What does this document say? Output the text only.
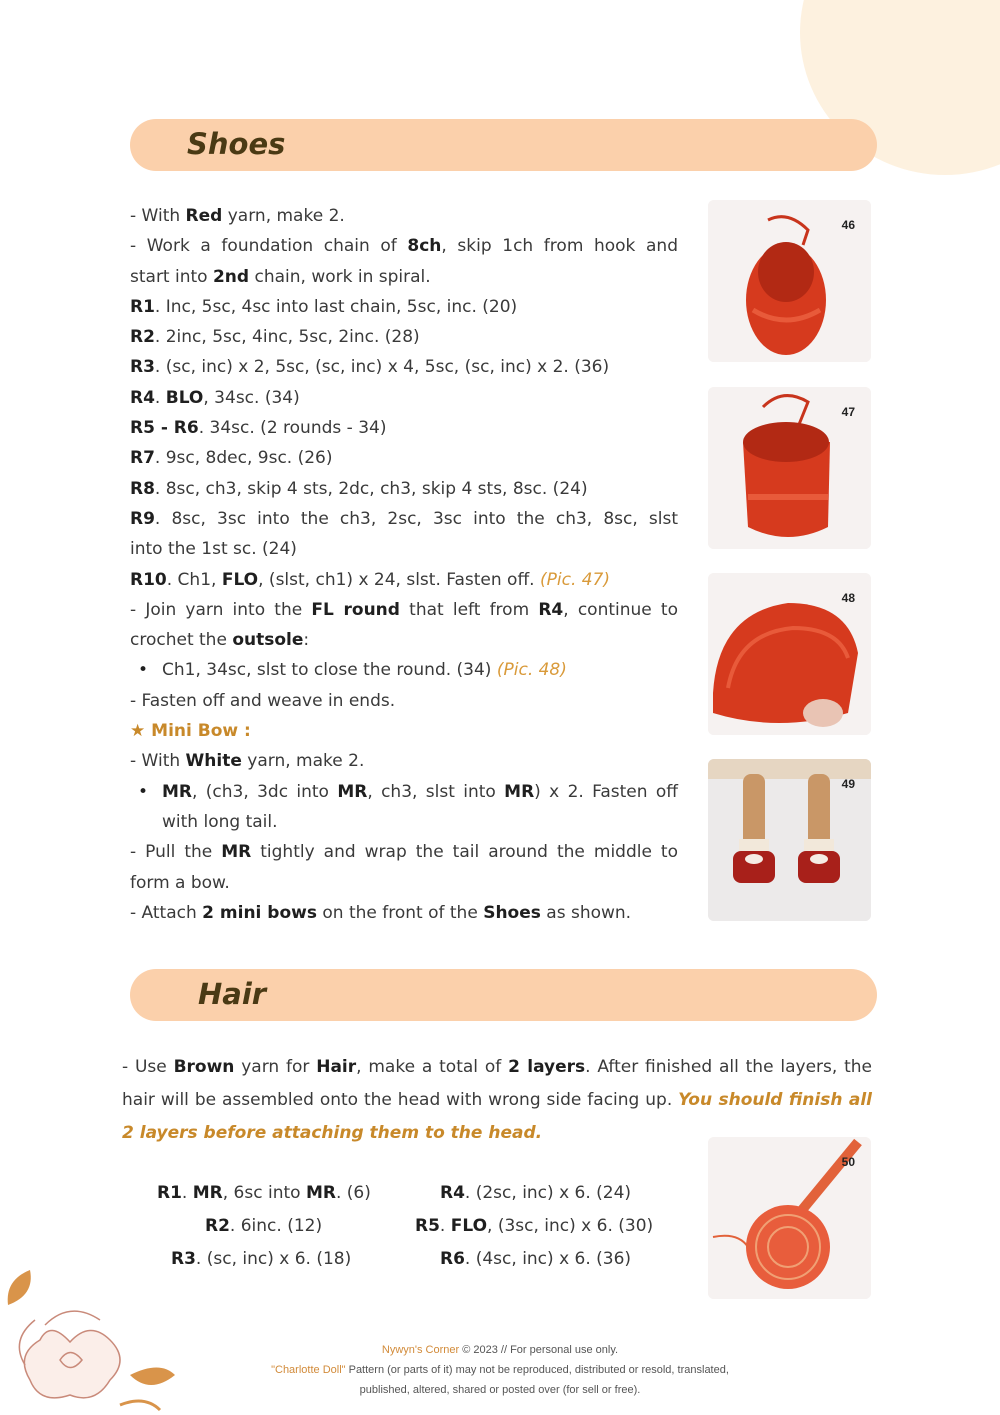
Shoes
- With Red yarn, make 2.
- Work a foundation chain of 8ch, skip 1ch from hook and
start into 2nd chain, work in spiral.
R1. Inc, 5sc, 4sc into last chain, 5sc, inc. (20)
R2. 2inc, 5sc, 4inc, 5sc, 2inc. (28)
R3. (sc, inc) x 2, 5sc, (sc, inc) x 4, 5sc, (sc, inc) x 2. (36)
R4. BLO, 34sc. (34)
R5 - R6. 34sc. (2 rounds - 34)
R7. 9sc, 8dec, 9sc. (26)
R8. 8sc, ch3, skip 4 sts, 2dc, ch3, skip 4 sts, 8sc. (24)
R9. 8sc, 3sc into the ch3, 2sc, 3sc into the ch3, 8sc, slst
into the 1st sc. (24)
R10. Ch1, FLO, (slst, ch1) x 24, slst. Fasten off. (Pic. 47)
- Join yarn into the FL round that left from R4, continue to
crochet the outsole:
• Ch1, 34sc, slst to close the round. (34) (Pic. 48)
- Fasten off and weave in ends.
★ Mini Bow :
- With White yarn, make 2.
• MR, (ch3, 3dc into MR, ch3, slst into MR) x 2. Fasten off
with long tail.
- Pull the MR tightly and wrap the tail around the middle to
form a bow.
- Attach 2 mini bows on the front of the Shoes as shown.
46
47
48
49
Hair
- Use Brown yarn for Hair, make a total of 2 layers. After finished all the layers, the hair will be assembled onto the head with wrong side facing up. You should finish all 2 layers before attaching them to the head.
R1. MR, 6sc into MR. (6)
R2. 6inc. (12)
R3. (sc, inc) x 6. (18)
R4. (2sc, inc) x 6. (24)
R5. FLO, (3sc, inc) x 6. (30)
R6. (4sc, inc) x 6. (36)
50
Nywyn's Corner © 2023 // For personal use only.
"Charlotte Doll" Pattern (or parts of it) may not be reproduced, distributed or resold, translated,
published, altered, shared or posted over (for sell or free).
